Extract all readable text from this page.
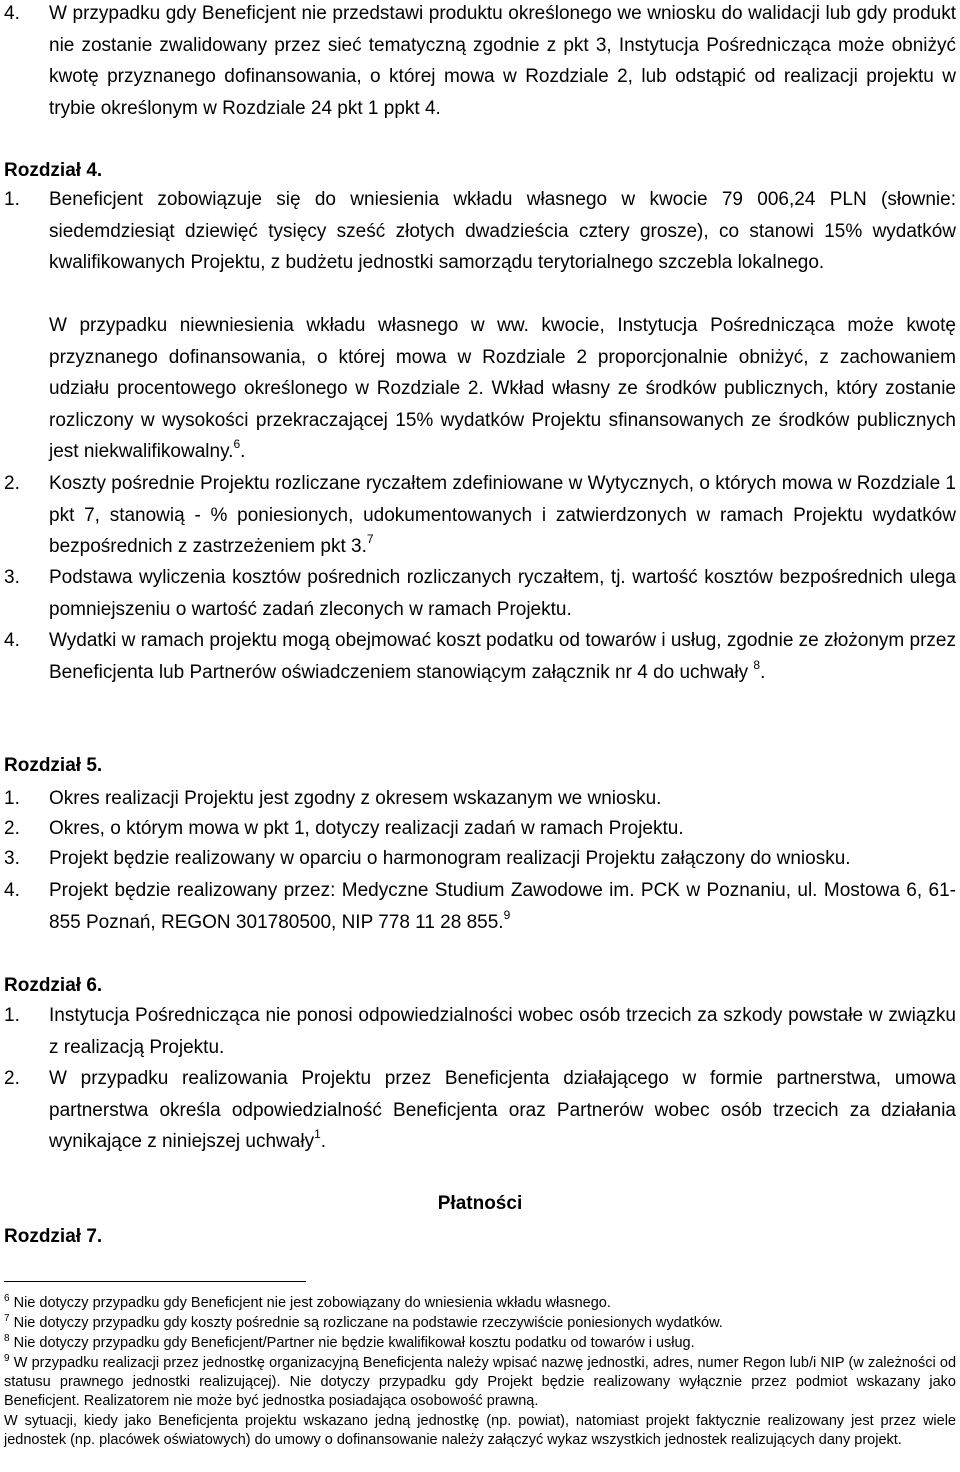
4. W przypadku gdy Beneficjent nie przedstawi produktu określonego we wniosku do walidacji lub gdy produkt nie zostanie zwalidowany przez sieć tematyczną zgodnie z pkt 3, Instytucja Pośrednicząca może obniżyć kwotę przyznanego dofinansowania, o której mowa w Rozdziale 2, lub odstąpić od realizacji projektu w trybie określonym w Rozdziale 24 pkt 1 ppkt 4.
Rozdział 4.
1. Beneficjent zobowiązuje się do wniesienia wkładu własnego w kwocie 79 006,24 PLN (słownie: siedemdziesiąt dziewięć tysięcy sześć złotych dwadzieścia cztery grosze), co stanowi 15% wydatków kwalifikowanych Projektu, z budżetu jednostki samorządu terytorialnego szczebla lokalnego.
W przypadku niewniesienia wkładu własnego w ww. kwocie, Instytucja Pośrednicząca może kwotę przyznanego dofinansowania, o której mowa w Rozdziale 2 proporcjonalnie obniżyć, z zachowaniem udziału procentowego określonego w Rozdziale 2. Wkład własny ze środków publicznych, który zostanie rozliczony w wysokości przekraczającej 15% wydatków Projektu sfinansowanych ze środków publicznych jest niekwalifikowalny.$^6$.
2. Koszty pośrednie Projektu rozliczane ryczałtem zdefiniowane w Wytycznych, o których mowa w Rozdziale 1 pkt 7, stanowią - % poniesionych, udokumentowanych i zatwierdzonych w ramach Projektu wydatków bezpośrednich z zastrzeżeniem pkt 3.$^7$
3. Podstawa wyliczenia kosztów pośrednich rozliczanych ryczałtem, tj. wartość kosztów bezpośrednich ulega pomniejszeniu o wartość zadań zleconych w ramach Projektu.
4. Wydatki w ramach projektu mogą obejmować koszt podatku od towarów i usług, zgodnie ze złożonym przez Beneficjenta lub Partnerów oświadczeniem stanowiącym załącznik nr 4 do uchwały $^8$.
Rozdział 5.
1. Okres realizacji Projektu jest zgodny z okresem wskazanym we wniosku.
2. Okres, o którym mowa w pkt 1, dotyczy realizacji zadań w ramach Projektu.
3. Projekt będzie realizowany w oparciu o harmonogram realizacji Projektu załączony do wniosku.
4. Projekt będzie realizowany przez: Medyczne Studium Zawodowe im. PCK w Poznaniu, ul. Mostowa 6, 61-855 Poznań, REGON 301780500, NIP 778 11 28 855.$^9$
Rozdział 6.
1. Instytucja Pośrednicząca nie ponosi odpowiedzialności wobec osób trzecich za szkody powstałe w związku z realizacją Projektu.
2. W przypadku realizowania Projektu przez Beneficjenta działającego w formie partnerstwa, umowa partnerstwa określa odpowiedzialność Beneficjenta oraz Partnerów wobec osób trzecich za działania wynikające z niniejszej uchwały$^1$.
Płatności
Rozdział 7.
$^6$ Nie dotyczy przypadku gdy Beneficjent nie jest zobowiązany do wniesienia wkładu własnego.
$^7$ Nie dotyczy przypadku gdy koszty pośrednie są rozliczane na podstawie rzeczywiście poniesionych wydatków.
$^8$ Nie dotyczy przypadku gdy Beneficjent/Partner nie będzie kwalifikował kosztu podatku od towarów i usług.
$^9$ W przypadku realizacji przez jednostkę organizacyjną Beneficjenta należy wpisać nazwę jednostki, adres, numer Regon lub/i NIP (w zależności od statusu prawnego jednostki realizującej). Nie dotyczy przypadku gdy Projekt będzie realizowany wyłącznie przez podmiot wskazany jako Beneficjent. Realizatorem nie może być jednostka posiadająca osobowość prawną.
W sytuacji, kiedy jako Beneficjenta projektu wskazano jedną jednostkę (np. powiat), natomiast projekt faktycznie realizowany jest przez wiele jednostek (np. placówek oświatowych) do umowy o dofinansowanie należy załączyć wykaz wszystkich jednostek realizujących dany projekt.
